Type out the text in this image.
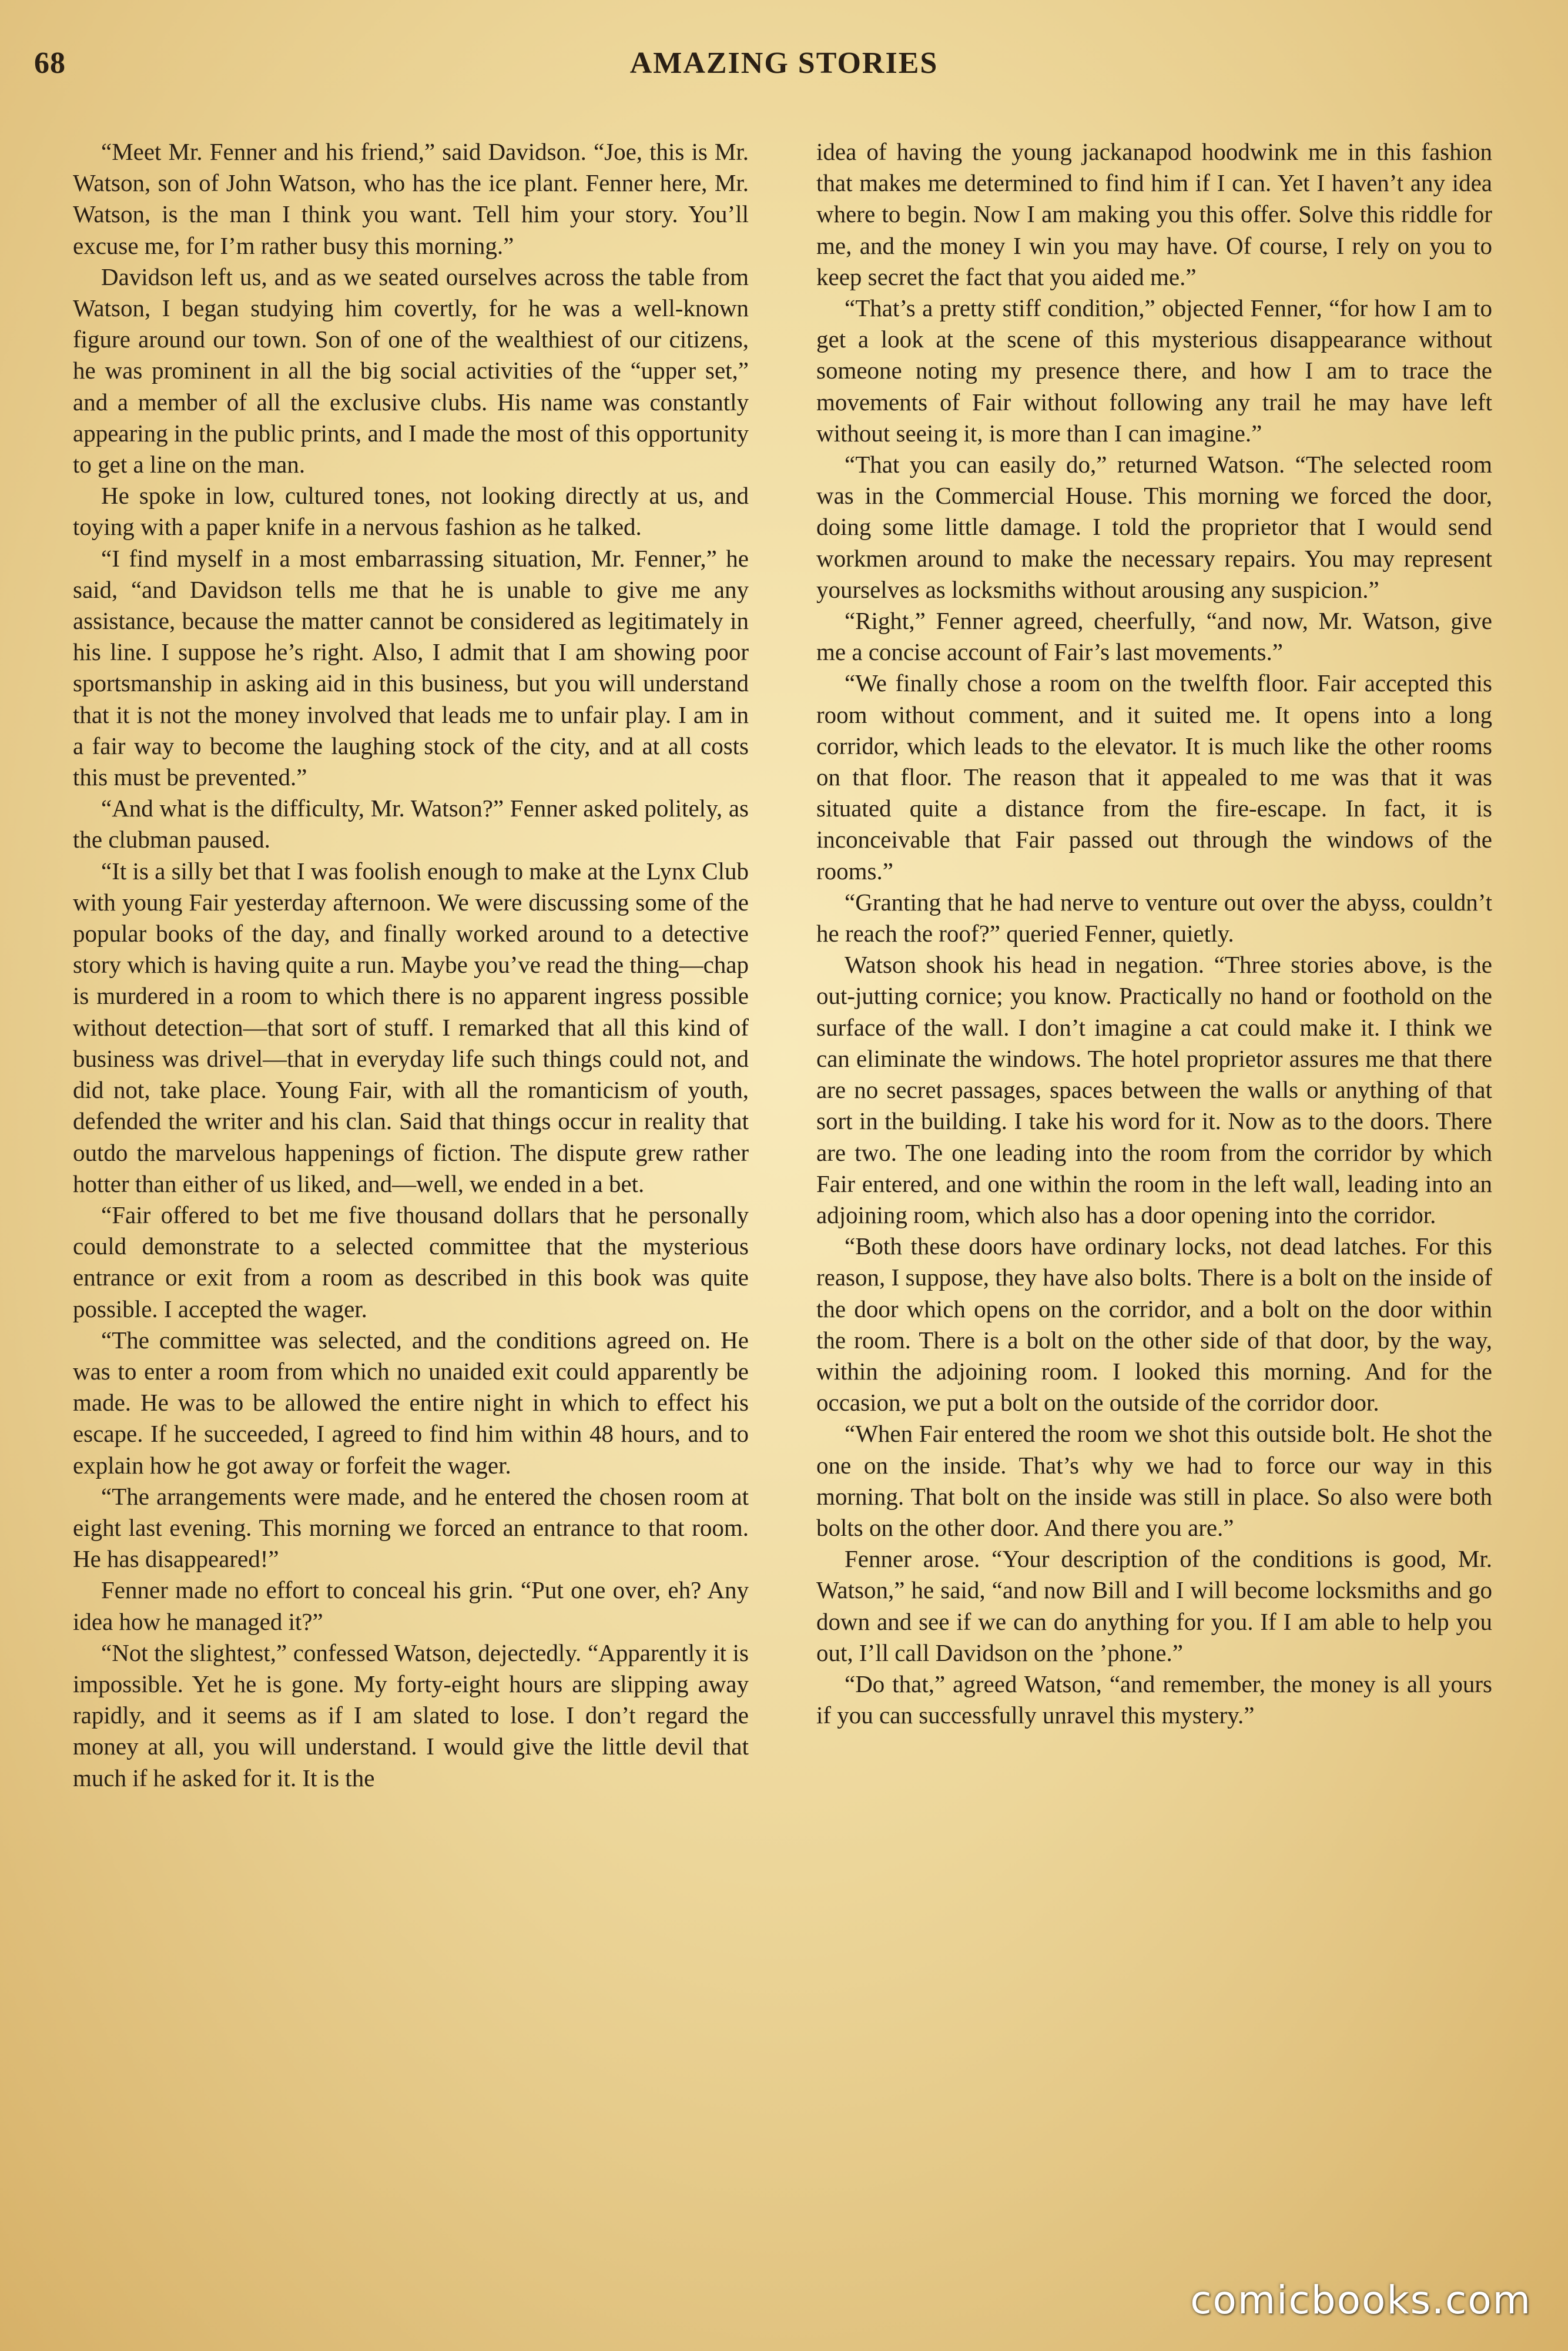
68	AMAZING STORIES

“Meet Mr. Fenner and his friend,” said Davidson. “Joe, this is Mr. Watson, son of John Watson, who has the ice plant. Fenner here, Mr. Watson, is the man I think you want. Tell him your story. You’ll excuse me, for I’m rather busy this morning.”

Davidson left us, and as we seated ourselves across the table from Watson, I began studying him covertly, for he was a well-known figure around our town. Son of one of the wealthiest of our citizens, he was prominent in all the big social activities of the “upper set,” and a member of all the exclusive clubs. His name was constantly appearing in the public prints, and I made the most of this opportunity to get a line on the man.

He spoke in low, cultured tones, not looking directly at us, and toying with a paper knife in a nervous fashion as he talked.

“I find myself in a most embarrassing situation, Mr. Fenner,” he said, “and Davidson tells me that he is unable to give me any assistance, because the matter cannot be considered as legitimately in his line. I suppose he’s right. Also, I admit that I am showing poor sportsmanship in asking aid in this business, but you will understand that it is not the money involved that leads me to unfair play. I am in a fair way to become the laughing stock of the city, and at all costs this must be prevented.”

“And what is the difficulty, Mr. Watson?” Fenner asked politely, as the clubman paused.

“It is a silly bet that I was foolish enough to make at the Lynx Club with young Fair yesterday afternoon. We were discussing some of the popular books of the day, and finally worked around to a detective story which is having quite a run. Maybe you’ve read the thing—chap is murdered in a room to which there is no apparent ingress possible without detection—that sort of stuff. I remarked that all this kind of business was drivel—that in everyday life such things could not, and did not, take place. Young Fair, with all the romanticism of youth, defended the writer and his clan. Said that things occur in reality that outdo the marvelous happenings of fiction. The dispute grew rather hotter than either of us liked, and—well, we ended in a bet.

“Fair offered to bet me five thousand dollars that he personally could demonstrate to a selected committee that the mysterious entrance or exit from a room as described in this book was quite possible. I accepted the wager.

“The committee was selected, and the conditions agreed on. He was to enter a room from which no unaided exit could apparently be made. He was to be allowed the entire night in which to effect his escape. If he succeeded, I agreed to find him within 48 hours, and to explain how he got away or forfeit the wager.

“The arrangements were made, and he entered the chosen room at eight last evening. This morning we forced an entrance to that room. He has disappeared!”

Fenner made no effort to conceal his grin. “Put one over, eh? Any idea how he managed it?”

“Not the slightest,” confessed Watson, dejectedly. “Apparently it is impossible. Yet he is gone. My forty-eight hours are slipping away rapidly, and it seems as if I am slated to lose. I don’t regard the money at all, you will understand. I would give the little devil that much if he asked for it. It is the

idea of having the young jackanapod hoodwink me in this fashion that makes me determined to find him if I can. Yet I haven’t any idea where to begin. Now I am making you this offer. Solve this riddle for me, and the money I win you may have. Of course, I rely on you to keep secret the fact that you aided me.”

“That’s a pretty stiff condition,” objected Fenner, “for how I am to get a look at the scene of this mysterious disappearance without someone noting my presence there, and how I am to trace the movements of Fair without following any trail he may have left without seeing it, is more than I can imagine.”

“That you can easily do,” returned Watson. “The selected room was in the Commercial House. This morning we forced the door, doing some little damage. I told the proprietor that I would send workmen around to make the necessary repairs. You may represent yourselves as locksmiths without arousing any suspicion.”

“Right,” Fenner agreed, cheerfully, “and now, Mr. Watson, give me a concise account of Fair’s last movements.”

“We finally chose a room on the twelfth floor. Fair accepted this room without comment, and it suited me. It opens into a long corridor, which leads to the elevator. It is much like the other rooms on that floor. The reason that it appealed to me was that it was situated quite a distance from the fire-escape. In fact, it is inconceivable that Fair passed out through the windows of the rooms.”

“Granting that he had nerve to venture out over the abyss, couldn’t he reach the roof?” queried Fenner, quietly.

Watson shook his head in negation. “Three stories above, is the out-jutting cornice; you know. Practically no hand or foothold on the surface of the wall. I don’t imagine a cat could make it. I think we can eliminate the windows. The hotel proprietor assures me that there are no secret passages, spaces between the walls or anything of that sort in the building. I take his word for it. Now as to the doors. There are two. The one leading into the room from the corridor by which Fair entered, and one within the room in the left wall, leading into an adjoining room, which also has a door opening into the corridor.

“Both these doors have ordinary locks, not dead latches. For this reason, I suppose, they have also bolts. There is a bolt on the inside of the door which opens on the corridor, and a bolt on the door within the room. There is a bolt on the other side of that door, by the way, within the adjoining room. I looked this morning. And for the occasion, we put a bolt on the outside of the corridor door.

“When Fair entered the room we shot this outside bolt. He shot the one on the inside. That’s why we had to force our way in this morning. That bolt on the inside was still in place. So also were both bolts on the other door. And there you are.”

Fenner arose. “Your description of the conditions is good, Mr. Watson,” he said, “and now Bill and I will become locksmiths and go down and see if we can do anything for you. If I am able to help you out, I’ll call Davidson on the ’phone.”

“Do that,” agreed Watson, “and remember, the money is all yours if you can successfully unravel this mystery.”

comicbooks.com
